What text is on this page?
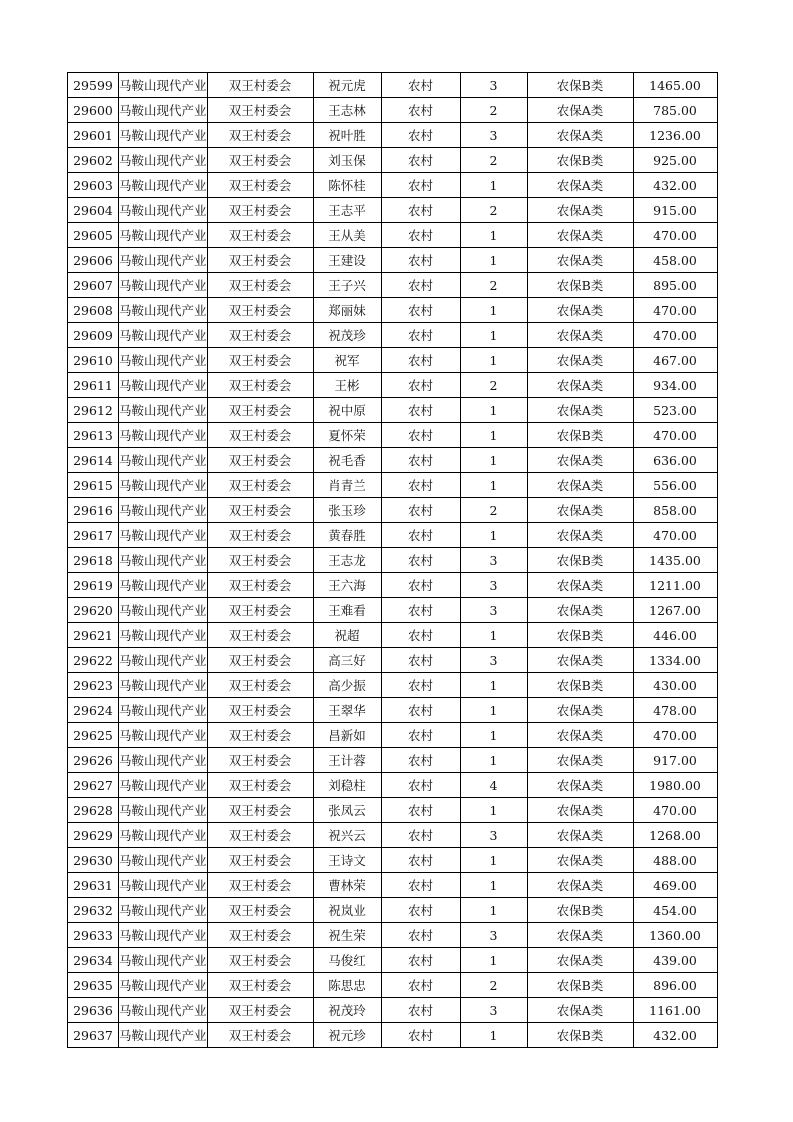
29599	马鞍山现代产业	双王村委会	祝元虎	农村	3	农保B类	1465.00
29600	马鞍山现代产业	双王村委会	王志林	农村	2	农保A类	785.00
29601	马鞍山现代产业	双王村委会	祝叶胜	农村	3	农保A类	1236.00
29602	马鞍山现代产业	双王村委会	刘玉保	农村	2	农保B类	925.00
29603	马鞍山现代产业	双王村委会	陈怀桂	农村	1	农保A类	432.00
29604	马鞍山现代产业	双王村委会	王志平	农村	2	农保A类	915.00
29605	马鞍山现代产业	双王村委会	王从美	农村	1	农保A类	470.00
29606	马鞍山现代产业	双王村委会	王建设	农村	1	农保A类	458.00
29607	马鞍山现代产业	双王村委会	王子兴	农村	2	农保B类	895.00
29608	马鞍山现代产业	双王村委会	郑丽妹	农村	1	农保A类	470.00
29609	马鞍山现代产业	双王村委会	祝茂珍	农村	1	农保A类	470.00
29610	马鞍山现代产业	双王村委会	祝军	农村	1	农保A类	467.00
29611	马鞍山现代产业	双王村委会	王彬	农村	2	农保A类	934.00
29612	马鞍山现代产业	双王村委会	祝中原	农村	1	农保A类	523.00
29613	马鞍山现代产业	双王村委会	夏怀荣	农村	1	农保B类	470.00
29614	马鞍山现代产业	双王村委会	祝毛香	农村	1	农保A类	636.00
29615	马鞍山现代产业	双王村委会	肖青兰	农村	1	农保A类	556.00
29616	马鞍山现代产业	双王村委会	张玉珍	农村	2	农保A类	858.00
29617	马鞍山现代产业	双王村委会	黄春胜	农村	1	农保A类	470.00
29618	马鞍山现代产业	双王村委会	王志龙	农村	3	农保B类	1435.00
29619	马鞍山现代产业	双王村委会	王六海	农村	3	农保A类	1211.00
29620	马鞍山现代产业	双王村委会	王难看	农村	3	农保A类	1267.00
29621	马鞍山现代产业	双王村委会	祝超	农村	1	农保B类	446.00
29622	马鞍山现代产业	双王村委会	高三好	农村	3	农保A类	1334.00
29623	马鞍山现代产业	双王村委会	高少振	农村	1	农保B类	430.00
29624	马鞍山现代产业	双王村委会	王翠华	农村	1	农保A类	478.00
29625	马鞍山现代产业	双王村委会	昌新如	农村	1	农保A类	470.00
29626	马鞍山现代产业	双王村委会	王计蓉	农村	1	农保A类	917.00
29627	马鞍山现代产业	双王村委会	刘稳柱	农村	4	农保A类	1980.00
29628	马鞍山现代产业	双王村委会	张凤云	农村	1	农保A类	470.00
29629	马鞍山现代产业	双王村委会	祝兴云	农村	3	农保A类	1268.00
29630	马鞍山现代产业	双王村委会	王诗文	农村	1	农保A类	488.00
29631	马鞍山现代产业	双王村委会	曹林荣	农村	1	农保A类	469.00
29632	马鞍山现代产业	双王村委会	祝岚业	农村	1	农保B类	454.00
29633	马鞍山现代产业	双王村委会	祝生荣	农村	3	农保A类	1360.00
29634	马鞍山现代产业	双王村委会	马俊红	农村	1	农保A类	439.00
29635	马鞍山现代产业	双王村委会	陈思忠	农村	2	农保B类	896.00
29636	马鞍山现代产业	双王村委会	祝茂玲	农村	3	农保A类	1161.00
29637	马鞍山现代产业	双王村委会	祝元珍	农村	1	农保B类	432.00
